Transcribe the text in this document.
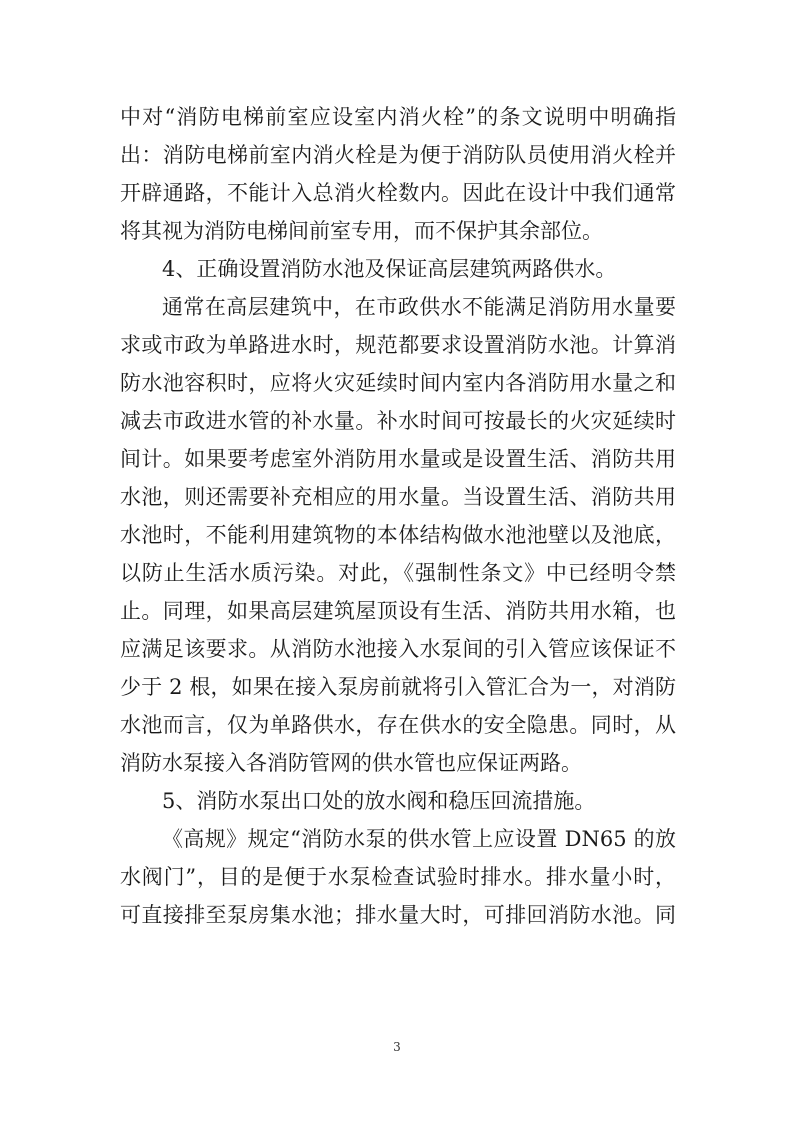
中对“消防电梯前室应设室内消火栓”的条文说明中明确指
出：消防电梯前室内消火栓是为便于消防队员使用消火栓并
开辟通路，不能计入总消火栓数内。因此在设计中我们通常
将其视为消防电梯间前室专用，而不保护其余部位。
4、正确设置消防水池及保证高层建筑两路供水。
通常在高层建筑中，在市政供水不能满足消防用水量要
求或市政为单路进水时，规范都要求设置消防水池。计算消
防水池容积时，应将火灾延续时间内室内各消防用水量之和
减去市政进水管的补水量。补水时间可按最长的火灾延续时
间计。如果要考虑室外消防用水量或是设置生活、消防共用
水池，则还需要补充相应的用水量。当设置生活、消防共用
水池时，不能利用建筑物的本体结构做水池池壁以及池底，
以防止生活水质污染。对此，《强制性条文》中已经明令禁
止。同理，如果高层建筑屋顶设有生活、消防共用水箱，也
应满足该要求。从消防水池接入水泵间的引入管应该保证不
少于 2 根，如果在接入泵房前就将引入管汇合为一，对消防
水池而言，仅为单路供水，存在供水的安全隐患。同时，从
消防水泵接入各消防管网的供水管也应保证两路。
5、消防水泵出口处的放水阀和稳压回流措施。
《高规》规定“消防水泵的供水管上应设置 DN65 的放
水阀门”，目的是便于水泵检查试验时排水。排水量小时，
可直接排至泵房集水池；排水量大时，可排回消防水池。同
3
